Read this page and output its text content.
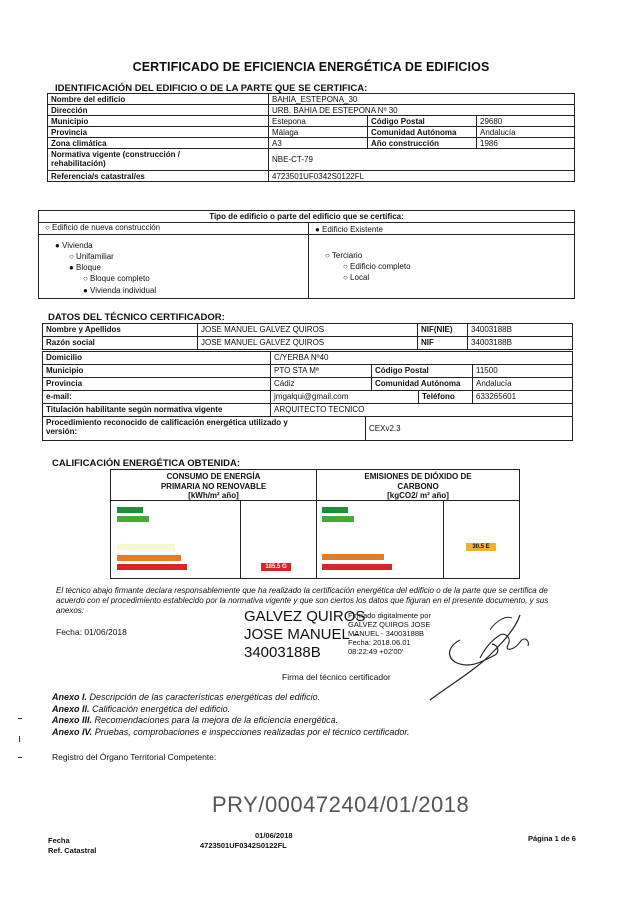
CERTIFICADO DE EFICIENCIA ENERGÉTICA DE EDIFICIOS
IDENTIFICACIÓN DEL EDIFICIO O DE LA PARTE QUE SE CERTIFICA:
Nombre del edificio	BAHIA_ESTEPONA_30
Dirección	URB. BAHIA DE ESTEPONA Nº 30
Municipio	Estepona	Código Postal	29680
Provincia	Málaga	Comunidad Autónoma	Andalucía
Zona climática	A3	Año construcción	1986
Normativa vigente (construcción /
rehabilitación)	NBE-CT-79
Referencia/s catastral/es	4723501UF0342S0122FL
Tipo de edificio o parte del edificio que se certifica:
○ Edificio de nueva construcción	● Edificio Existente
● Vivienda
○ Unifamiliar
● Bloque
○ Bloque completo
● Vivienda individual
○ Terciario
○ Edificio completo
○ Local
DATOS DEL TÉCNICO CERTIFICADOR:
Nombre y Apellidos	JOSE MANUEL GALVEZ QUIROS	NIF(NIE)	34003188B
Razón social	JOSE MANUEL GALVEZ QUIROS	NIF	34003188B
Domicilio	C/YERBA Nº40
Municipio	PTO STA Mª	Código Postal	11500
Provincia	Cádiz	Comunidad Autónoma	Andalucía
e-mail:	jmgalqui@gmail.com	Teléfono	633265601
Titulación habilitante según normativa vigente	ARQUITECTO TECNICO
Procedimiento reconocido de calificación energética utilizado y
versión:	CEXv2.3
CALIFICACIÓN ENERGÉTICA OBTENIDA:
CONSUMO DE ENERGÍA
PRIMARIA NO RENOVABLE
[kWh/m² año]
EMISIONES DE DIÓXIDO DE
CARBONO
[kgCO2/ m² año]
185.5 G
30.5 E
El técnico abajo firmante declara responsablemente que ha realizado la certificación energética del edificio o de la parte que se certifica de acuerdo con el procedimiento establecido por la normativa vigente y que son ciertos los datos que figuran en el presente documento, y sus anexos:
Fecha: 01/06/2018
GALVEZ QUIROS
JOSE MANUEL -
34003188B
Firmado digitalmente por
GALVEZ QUIROS JOSE
MANUEL - 34003188B
Fecha: 2018.06.01
08:22:49 +02'00'
Firma del técnico certificador
Anexo I. Descripción de las características energéticas del edificio.
Anexo II. Calificación energética del edificio.
Anexo III. Recomendaciones para la mejora de la eficiencia energética.
Anexo IV. Pruebas, comprobaciones e inspecciones realizadas por el técnico certificador.
Registro del Órgano Territorial Competente:
PRY/000472404/01/2018
Fecha
Ref. Catastral
01/06/2018
4723501UF0342S0122FL
Página 1 de 6
